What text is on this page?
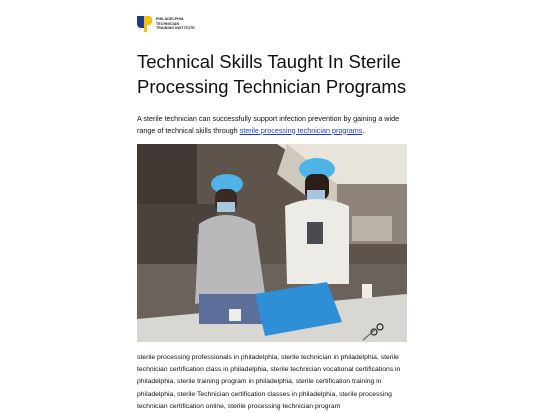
PHILADELPHIA
TECHNICIAN
TRAINING INSTITUTE
Technical Skills Taught In Sterile Processing Technician Programs

A sterile technician can successfully support infection prevention by gaining a wide range of technical skills through sterile processing technician programs.

sterile processing professionals in philadelphia, sterile technician in philadelphia, sterile technician certification class in philadelphia, sterile technician vocational certifications in philadelphia, sterile training program in philadelphia, sterile certification training in philadelphia, sterile Technician certification classes in philadelphia, sterile processing technician certification online, sterile processing technician program
